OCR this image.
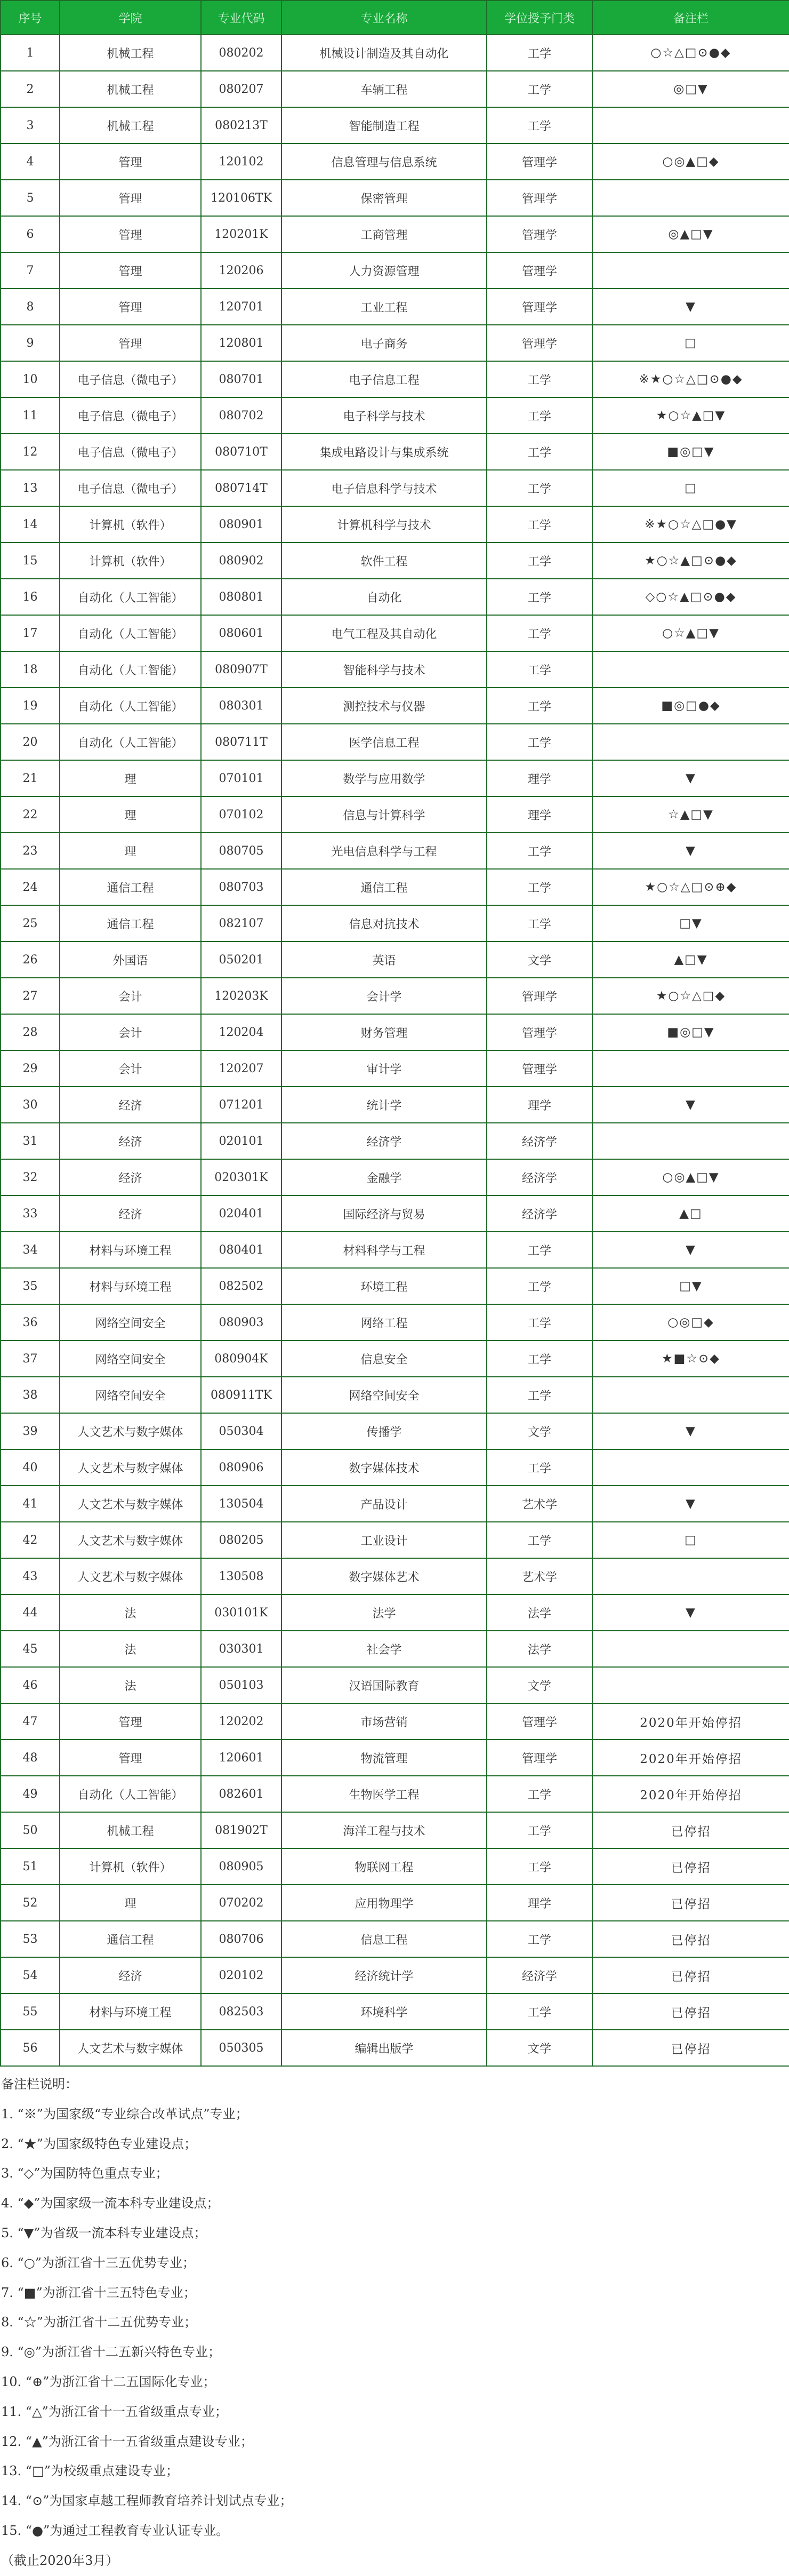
序号	学院	专业代码	专业名称	学位授予门类	备注栏
1	机械工程	080202	机械设计制造及其自动化	工学	○☆△□⊙●◆
2	机械工程	080207	车辆工程	工学	◎□▼
3	机械工程	080213T	智能制造工程	工学	
4	管理	120102	信息管理与信息系统	管理学	○◎▲□◆
5	管理	120106TK	保密管理	管理学	
6	管理	120201K	工商管理	管理学	◎▲□▼
7	管理	120206	人力资源管理	管理学	
8	管理	120701	工业工程	管理学	▼
9	管理	120801	电子商务	管理学	□
10	电子信息（微电子）	080701	电子信息工程	工学	※★○☆△□⊙●◆
11	电子信息（微电子）	080702	电子科学与技术	工学	★○☆▲□▼
12	电子信息（微电子）	080710T	集成电路设计与集成系统	工学	■◎□▼
13	电子信息（微电子）	080714T	电子信息科学与技术	工学	□
14	计算机（软件）	080901	计算机科学与技术	工学	※★○☆△□●▼
15	计算机（软件）	080902	软件工程	工学	★○☆▲□⊙●◆
16	自动化（人工智能）	080801	自动化	工学	◇○☆▲□⊙●◆
17	自动化（人工智能）	080601	电气工程及其自动化	工学	○☆▲□▼
18	自动化（人工智能）	080907T	智能科学与技术	工学	
19	自动化（人工智能）	080301	测控技术与仪器	工学	■◎□●◆
20	自动化（人工智能）	080711T	医学信息工程	工学	
21	理	070101	数学与应用数学	理学	▼
22	理	070102	信息与计算科学	理学	☆▲□▼
23	理	080705	光电信息科学与工程	工学	▼
24	通信工程	080703	通信工程	工学	★○☆△□⊙⊕◆
25	通信工程	082107	信息对抗技术	工学	□▼
26	外国语	050201	英语	文学	▲□▼
27	会计	120203K	会计学	管理学	★○☆△□◆
28	会计	120204	财务管理	管理学	■◎□▼
29	会计	120207	审计学	管理学	
30	经济	071201	统计学	理学	▼
31	经济	020101	经济学	经济学	
32	经济	020301K	金融学	经济学	○◎▲□▼
33	经济	020401	国际经济与贸易	经济学	▲□
34	材料与环境工程	080401	材料科学与工程	工学	▼
35	材料与环境工程	082502	环境工程	工学	□▼
36	网络空间安全	080903	网络工程	工学	○◎□◆
37	网络空间安全	080904K	信息安全	工学	★■☆⊙◆
38	网络空间安全	080911TK	网络空间安全	工学	
39	人文艺术与数字媒体	050304	传播学	文学	▼
40	人文艺术与数字媒体	080906	数字媒体技术	工学	
41	人文艺术与数字媒体	130504	产品设计	艺术学	▼
42	人文艺术与数字媒体	080205	工业设计	工学	□
43	人文艺术与数字媒体	130508	数字媒体艺术	艺术学	
44	法	030101K	法学	法学	▼
45	法	030301	社会学	法学	
46	法	050103	汉语国际教育	文学	
47	管理	120202	市场营销	管理学	2020年开始停招
48	管理	120601	物流管理	管理学	2020年开始停招
49	自动化（人工智能）	082601	生物医学工程	工学	2020年开始停招
50	机械工程	081902T	海洋工程与技术	工学	已停招
51	计算机（软件）	080905	物联网工程	工学	已停招
52	理	070202	应用物理学	理学	已停招
53	通信工程	080706	信息工程	工学	已停招
54	经济	020102	经济统计学	经济学	已停招
55	材料与环境工程	082503	环境科学	工学	已停招
56	人文艺术与数字媒体	050305	编辑出版学	文学	已停招
备注栏说明：
1. “※”为国家级“专业综合改革试点”专业；
2. “★”为国家级特色专业建设点；
3. “◇”为国防特色重点专业；
4. “◆”为国家级一流本科专业建设点；
5. “▼”为省级一流本科专业建设点；
6. “○”为浙江省十三五优势专业；
7. “■”为浙江省十三五特色专业；
8. “☆”为浙江省十二五优势专业；
9. “◎”为浙江省十二五新兴特色专业；
10. “⊕”为浙江省十二五国际化专业；
11. “△”为浙江省十一五省级重点专业；
12. “▲”为浙江省十一五省级重点建设专业；
13. “□”为校级重点建设专业；
14. “⊙”为国家卓越工程师教育培养计划试点专业；
15. “●”为通过工程教育专业认证专业。
（截止2020年3月）
